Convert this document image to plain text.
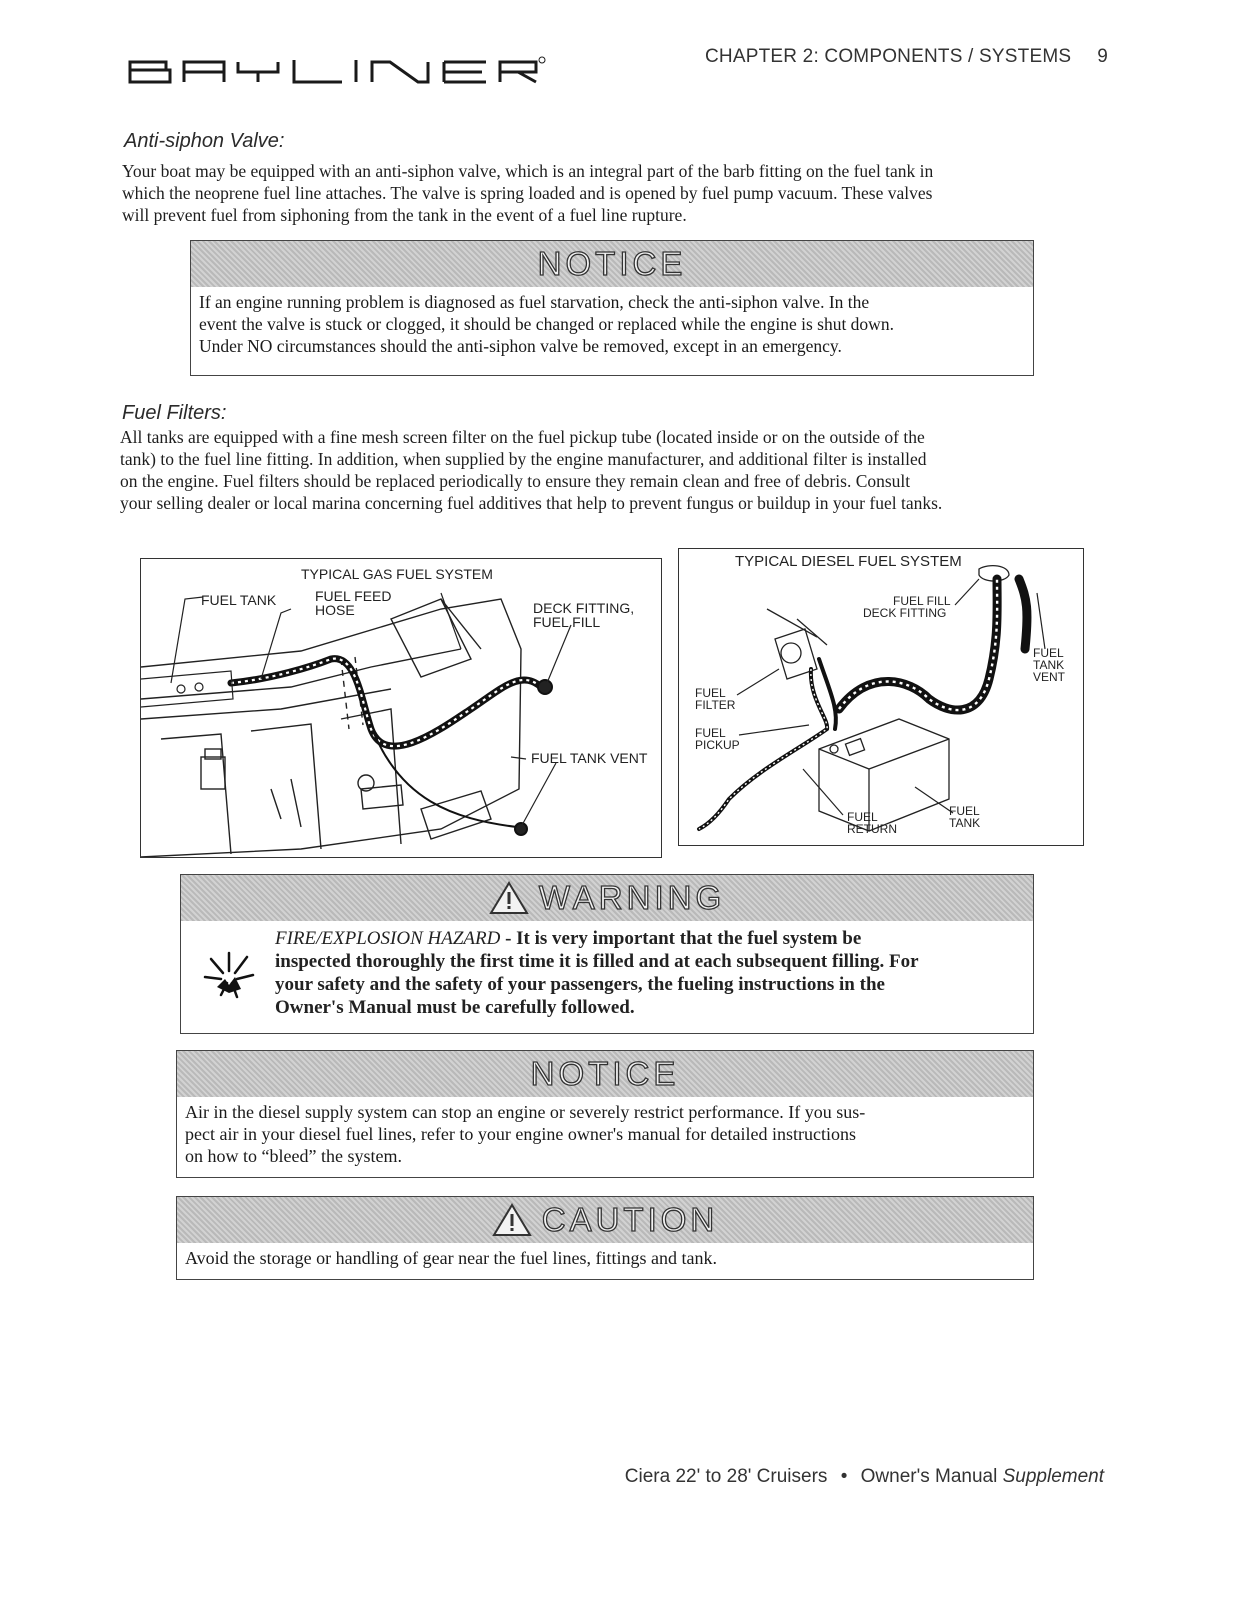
CHAPTER 2: COMPONENTS / SYSTEMS 9
Anti-siphon Valve:
Your boat may be equipped with an anti-siphon valve, which is an integral part of the barb fitting on the fuel tank in
which the neoprene fuel line attaches. The valve is spring loaded and is opened by fuel pump vacuum. These valves
will prevent fuel from siphoning from the tank in the event of a fuel line rupture.
NOTICE
If an engine running problem is diagnosed as fuel starvation, check the anti-siphon valve. In the
event the valve is stuck or clogged, it should be changed or replaced while the engine is shut down.
Under NO circumstances should the anti-siphon valve be removed, except in an emergency.
Fuel Filters:
All tanks are equipped with a fine mesh screen filter on the fuel pickup tube (located inside or on the outside of the
tank) to the fuel line fitting. In addition, when supplied by the engine manufacturer, and additional filter is installed
on the engine. Fuel filters should be replaced periodically to ensure they remain clean and free of debris. Consult
your selling dealer or local marina concerning fuel additives that help to prevent fungus or buildup in your fuel tanks.
TYPICAL GAS FUEL SYSTEM
FUEL TANK	FUEL FEED
HOSE	DECK FITTING,
FUEL FILL
FUEL TANK VENT
TYPICAL DIESEL FUEL SYSTEM
FUEL FILL
DECK FITTING
FUEL
TANK
VENT
FUEL
FILTER
FUEL
PICKUP
FUEL
RETURN
FUEL
TANK
WARNING
FIRE/EXPLOSION HAZARD - It is very important that the fuel system be
inspected thoroughly the first time it is filled and at each subsequent filling. For
your safety and the safety of your passengers, the fueling instructions in the
Owner's Manual must be carefully followed.
NOTICE
Air in the diesel supply system can stop an engine or severely restrict performance. If you sus-
pect air in your diesel fuel lines, refer to your engine owner's manual for detailed instructions
on how to “bleed” the system.
CAUTION
Avoid the storage or handling of gear near the fuel lines, fittings and tank.
Ciera 22' to 28' Cruisers • Owner's Manual Supplement
